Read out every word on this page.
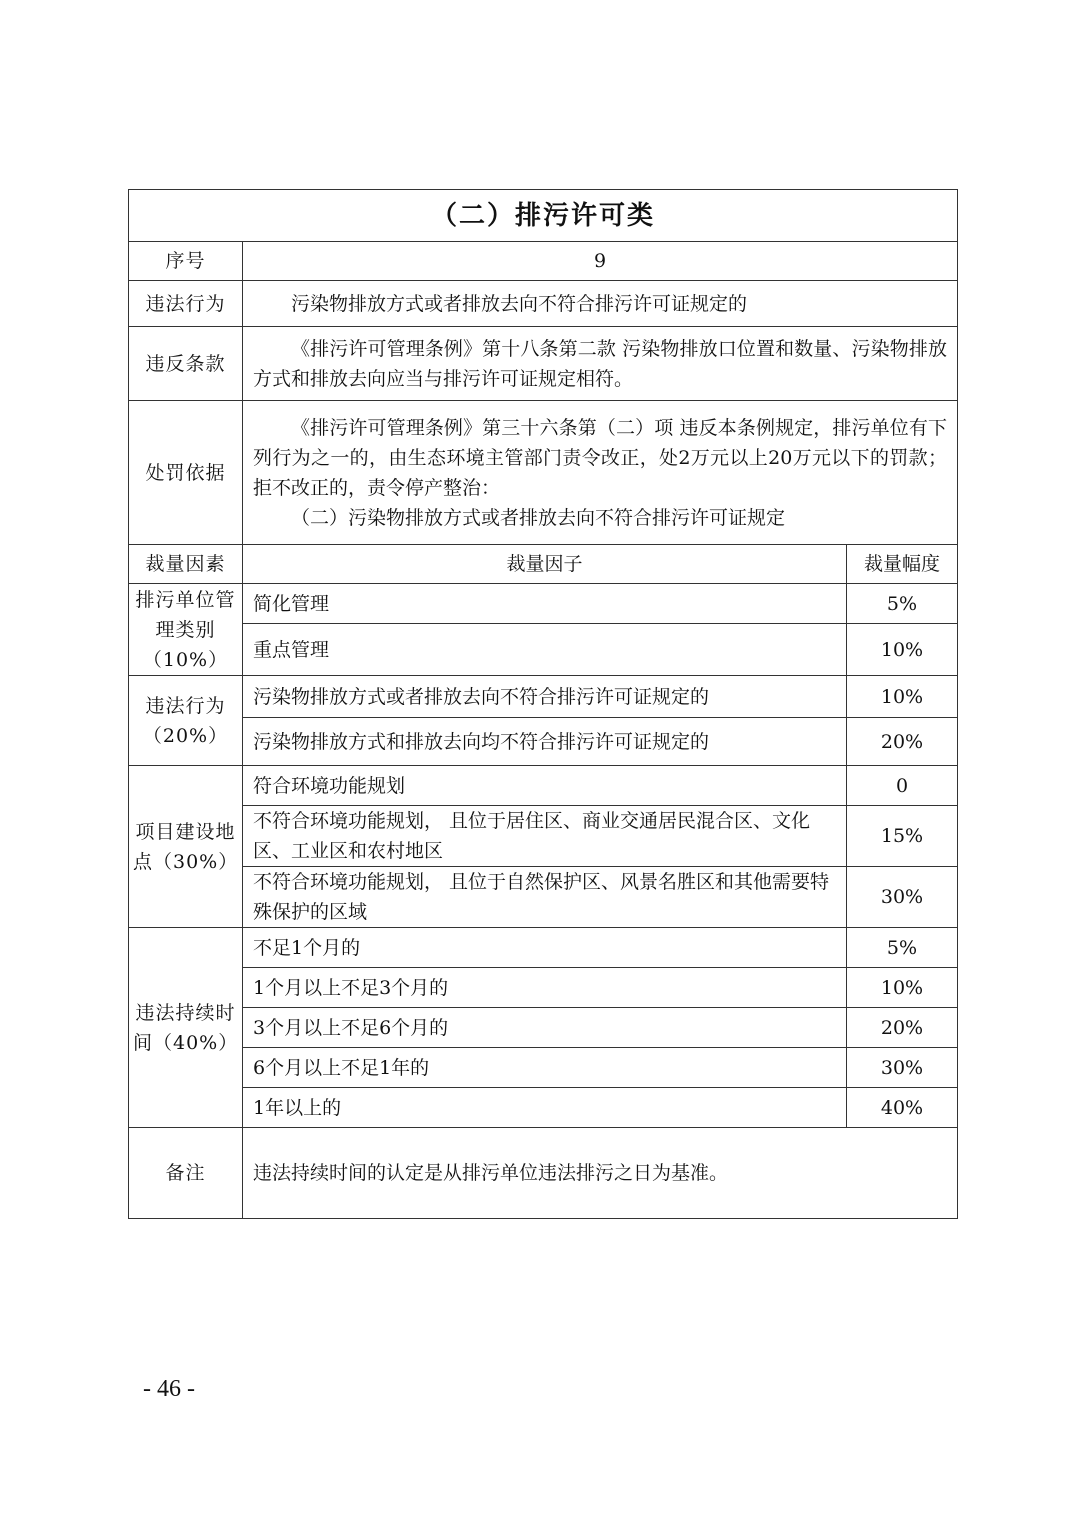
（二）排污许可类		
序号	9	
违法行为	污染物排放方式或者排放去向不符合排污许可证规定的	
违反条款	《排污许可管理条例》第十八条第二款 污染物排放口位置和数量、污染物排放方式和排放去向应当与排污许可证规定相符。	
处罚依据	《排污许可管理条例》第三十六条第（二）项 违反本条例规定，排污单位有下列行为之一的，由生态环境主管部门责令改正，处2万元以上20万元以下的罚款；拒不改正的，责令停产整治：
（二）污染物排放方式或者排放去向不符合排污许可证规定	

裁量因素	裁量因子	裁量幅度
排污单位管理类别（10%）	简化管理	5%
	重点管理	10%
违法行为（20%）	污染物排放方式或者排放去向不符合排污许可证规定的	10%
	污染物排放方式和排放去向均不符合排污许可证规定的	20%
项目建设地点（30%）	符合环境功能规划	0
	不符合环境功能规划， 且位于居住区、商业交通居民混合区、文化区、工业区和农村地区	15%
	不符合环境功能规划， 且位于自然保护区、风景名胜区和其他需要特殊保护的区域	30%
违法持续时间（40%）	不足1个月的	5%
	1个月以上不足3个月的	10%
	3个月以上不足6个月的	20%
	6个月以上不足1年的	30%
	1年以上的	40%
备注	违法持续时间的认定是从排污单位违法排污之日为基准。	
- 46 -
